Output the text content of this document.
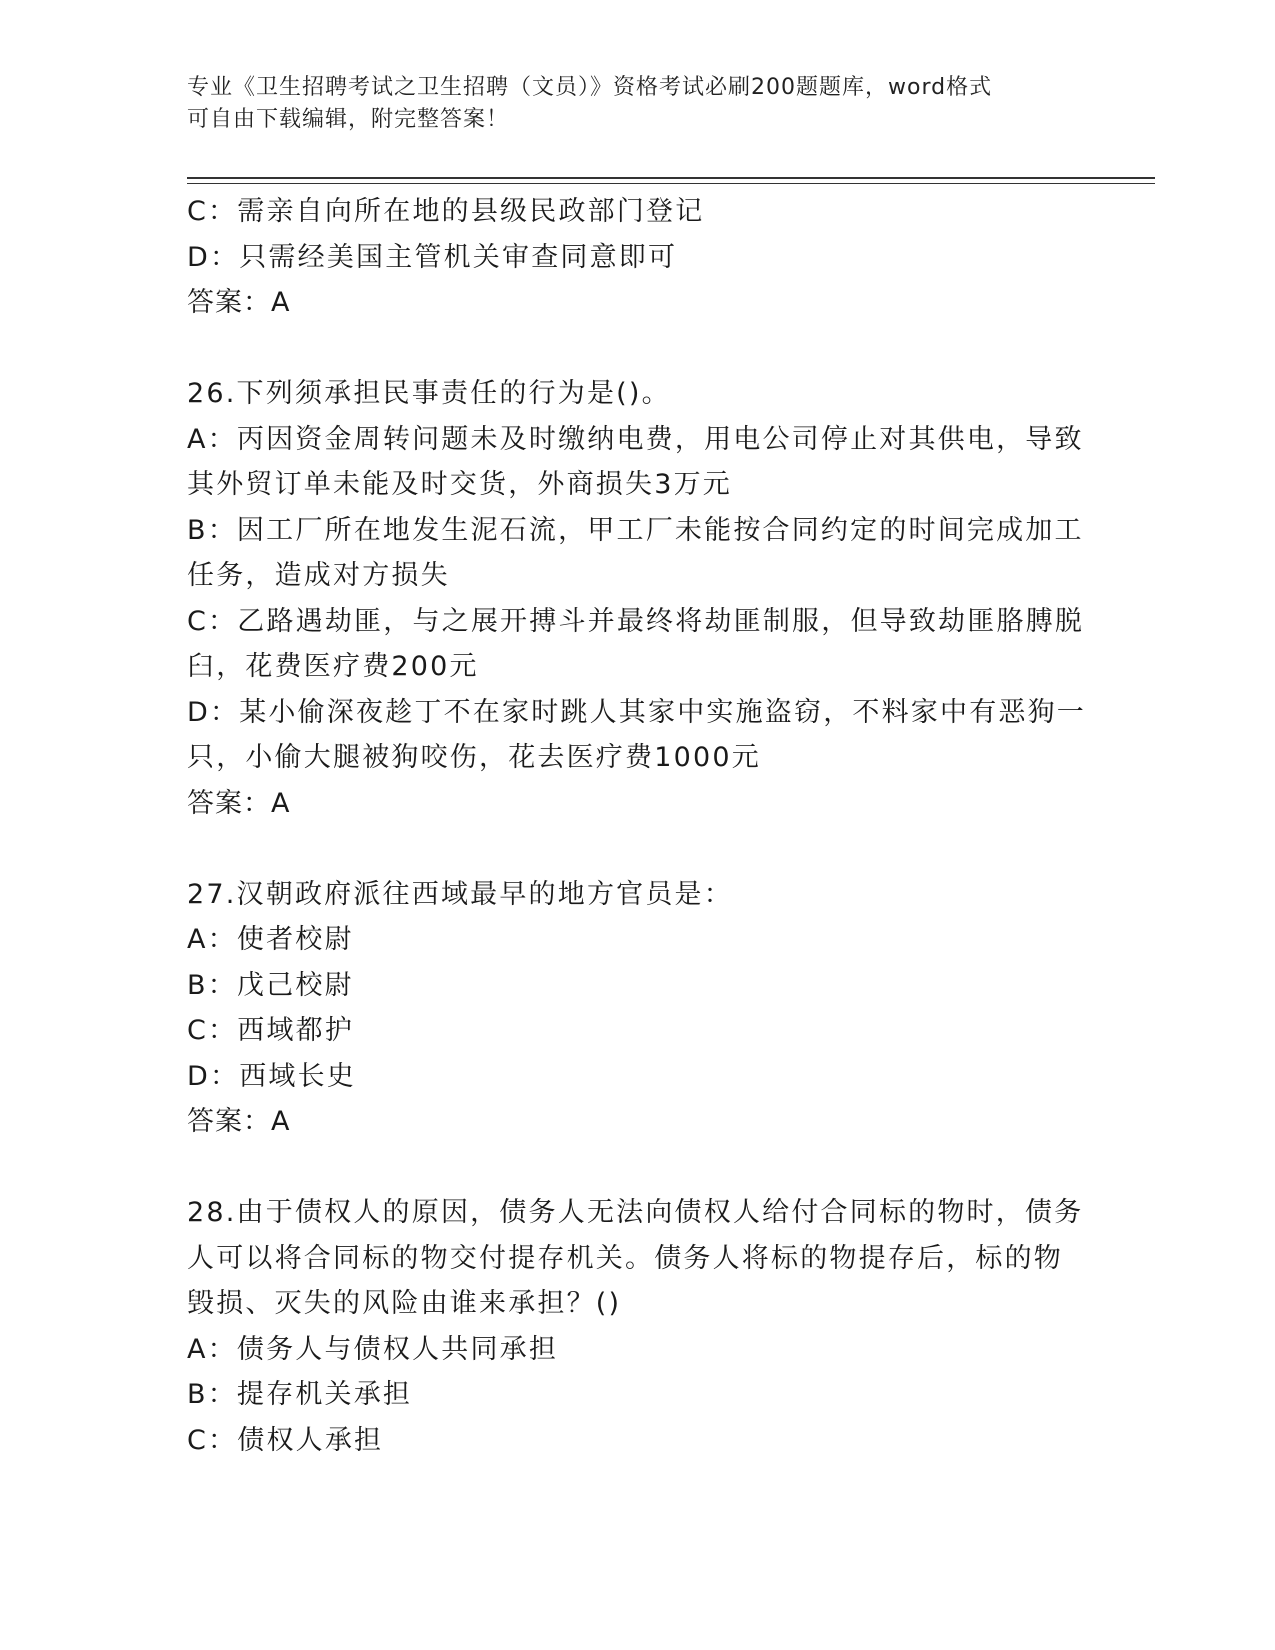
专业《卫生招聘考试之卫生招聘（文员）》资格考试必刷200题题库，word格式
可自由下载编辑，附完整答案！
C：需亲自向所在地的县级民政部门登记
D：只需经美国主管机关审查同意即可
答案：A
26.下列须承担民事责任的行为是()。
A：丙因资金周转问题未及时缴纳电费，用电公司停止对其供电，导致
其外贸订单未能及时交货，外商损失3万元
B：因工厂所在地发生泥石流，甲工厂未能按合同约定的时间完成加工
任务，造成对方损失
C：乙路遇劫匪，与之展开搏斗并最终将劫匪制服，但导致劫匪胳膊脱
臼，花费医疗费200元
D：某小偷深夜趁丁不在家时跳人其家中实施盗窃，不料家中有恶狗一
只，小偷大腿被狗咬伤，花去医疗费1000元
答案：A
27.汉朝政府派往西域最早的地方官员是：
A：使者校尉
B：戊己校尉
C：西域都护
D：西域长史
答案：A
28.由于债权人的原因，债务人无法向债权人给付合同标的物时，债务
人可以将合同标的物交付提存机关。债务人将标的物提存后，标的物
毁损、灭失的风险由谁来承担？()
A：债务人与债权人共同承担
B：提存机关承担
C：债权人承担
